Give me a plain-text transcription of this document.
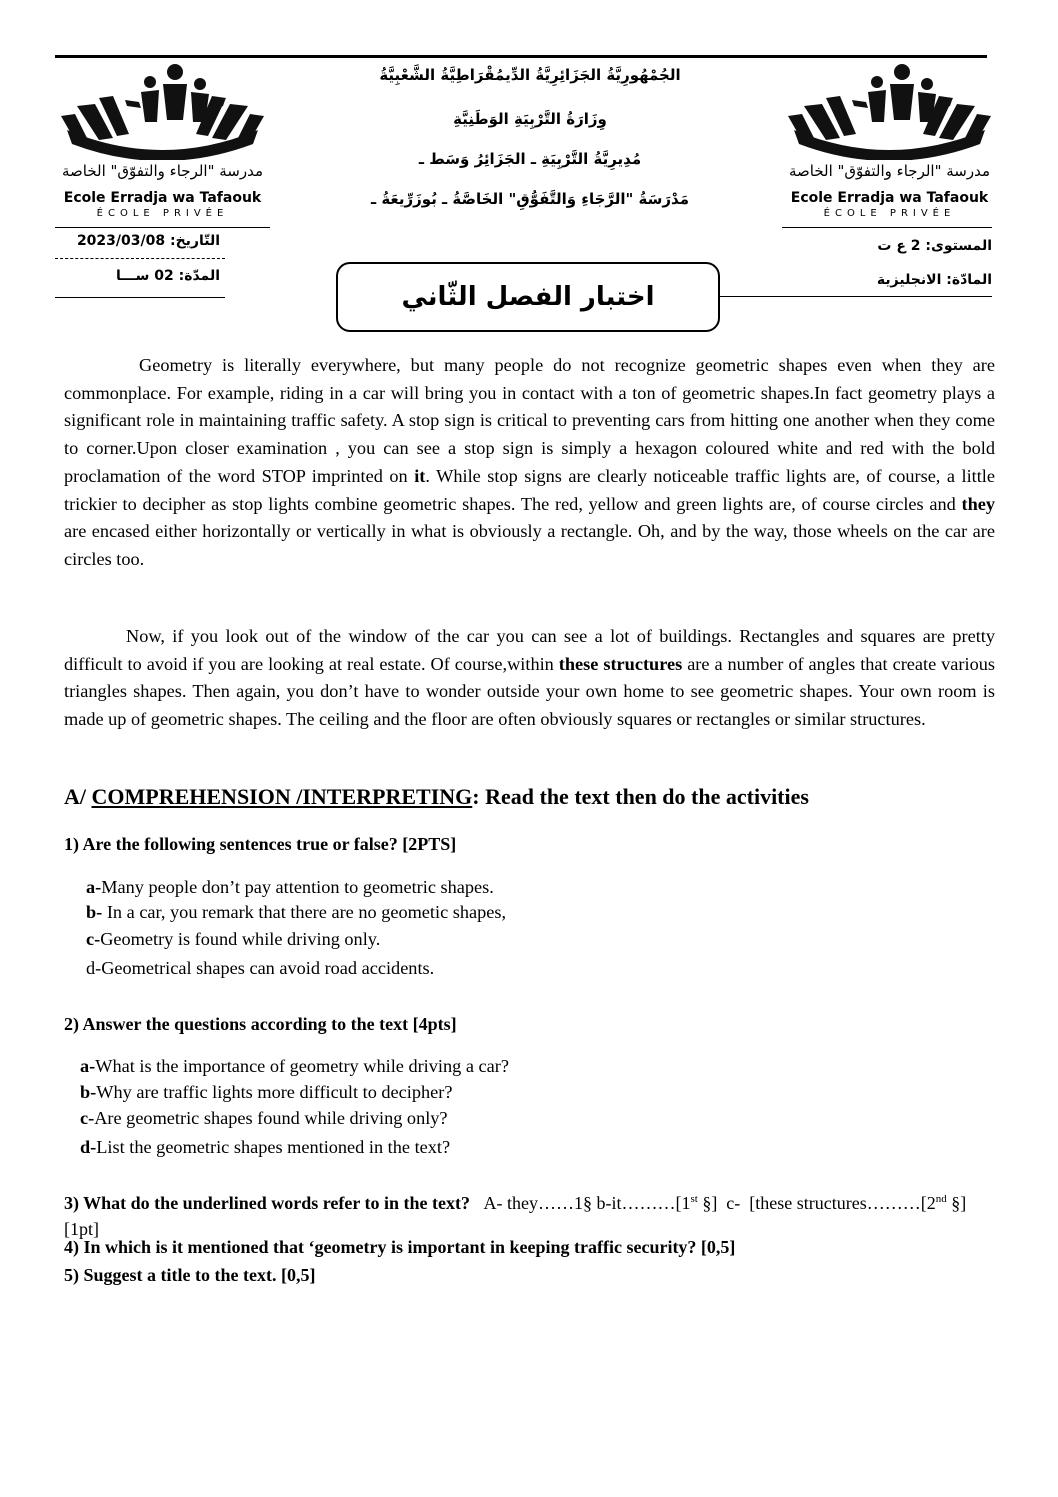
مدرسة "الرجاء والتفوّق" الخاصة
Ecole Erradja wa Tafaouk
ÉCOLE PRIVÉE
مدرسة "الرجاء والتفوّق" الخاصة
Ecole Erradja wa Tafaouk
ÉCOLE PRIVÉE
الجُمْهُورِيَّةُ الجَزَائِرِيَّةُ الدِّيمُقْرَاطِيَّةُ الشَّعْبِيَّةُ
وِزَارَةُ التَّرْبِيَةِ الوَطَنِيَّةِ
مُدِيرِيَّةُ التَّرْبِيَةِ ـ الجَزَائِرُ وَسَط ـ
مَدْرَسَةُ "الرَّجَاءِ وَالتَّفَوُّقِ" الخَاصَّةُ ـ بُوزَرِّيعَةُ ـ
التّاريخ: 2023/03/08
المدّة: 02 ســـا
المستوى: 2 ع ت
المادّة: الانجليزية
اختبار الفصل الثّاني

Geometry is literally everywhere, but many people do not recognize geometric shapes even when they are commonplace. For example, riding in a car will bring you in contact with a ton of geometric shapes.In fact geometry plays a significant role in maintaining traffic safety. A stop sign is critical to preventing cars from hitting one another when they come to corner.Upon closer examination , you can see a stop sign is simply a hexagon coloured white and red with the bold proclamation of the word STOP imprinted on it. While stop signs are clearly noticeable traffic lights are, of course, a little trickier to decipher as stop lights combine geometric shapes. The red, yellow and green lights are, of course circles and they are encased either horizontally or vertically in what is obviously a rectangle. Oh, and by the way, those wheels on the car are circles too.

Now, if you look out of the window of the car you can see a lot of buildings. Rectangles and squares are pretty difficult to avoid if you are looking at real estate. Of course,within these structures are a number of angles that create various triangles shapes. Then again, you don’t have to wonder outside your own home to see geometric shapes. Your own room is made up of geometric shapes. The ceiling and the floor are often obviously squares or rectangles or similar structures.

A/ COMPREHENSION /INTERPRETING: Read the text then do the activities
1) Are the following sentences true or false? [2PTS]
a-Many people don’t pay attention to geometric shapes.
b- In a car, you remark that there are no geometic shapes,
c-Geometry is found while driving only.
d-Geometrical shapes can avoid road accidents.
2) Answer the questions according to the text [4pts]
a-What is the importance of geometry while driving a car?
b-Why are traffic lights more difficult to decipher?
c-Are geometric shapes found while driving only?
d-List the geometric shapes mentioned in the text?
3) What do the underlined words refer to in the text? A- they……1§ b-it………[1st §]  c-  [these structures………[2nd §]     [1pt]
4) In which is it mentioned that ‘geometry is important in keeping traffic security? [0,5]
5) Suggest a title to the text. [0,5]
